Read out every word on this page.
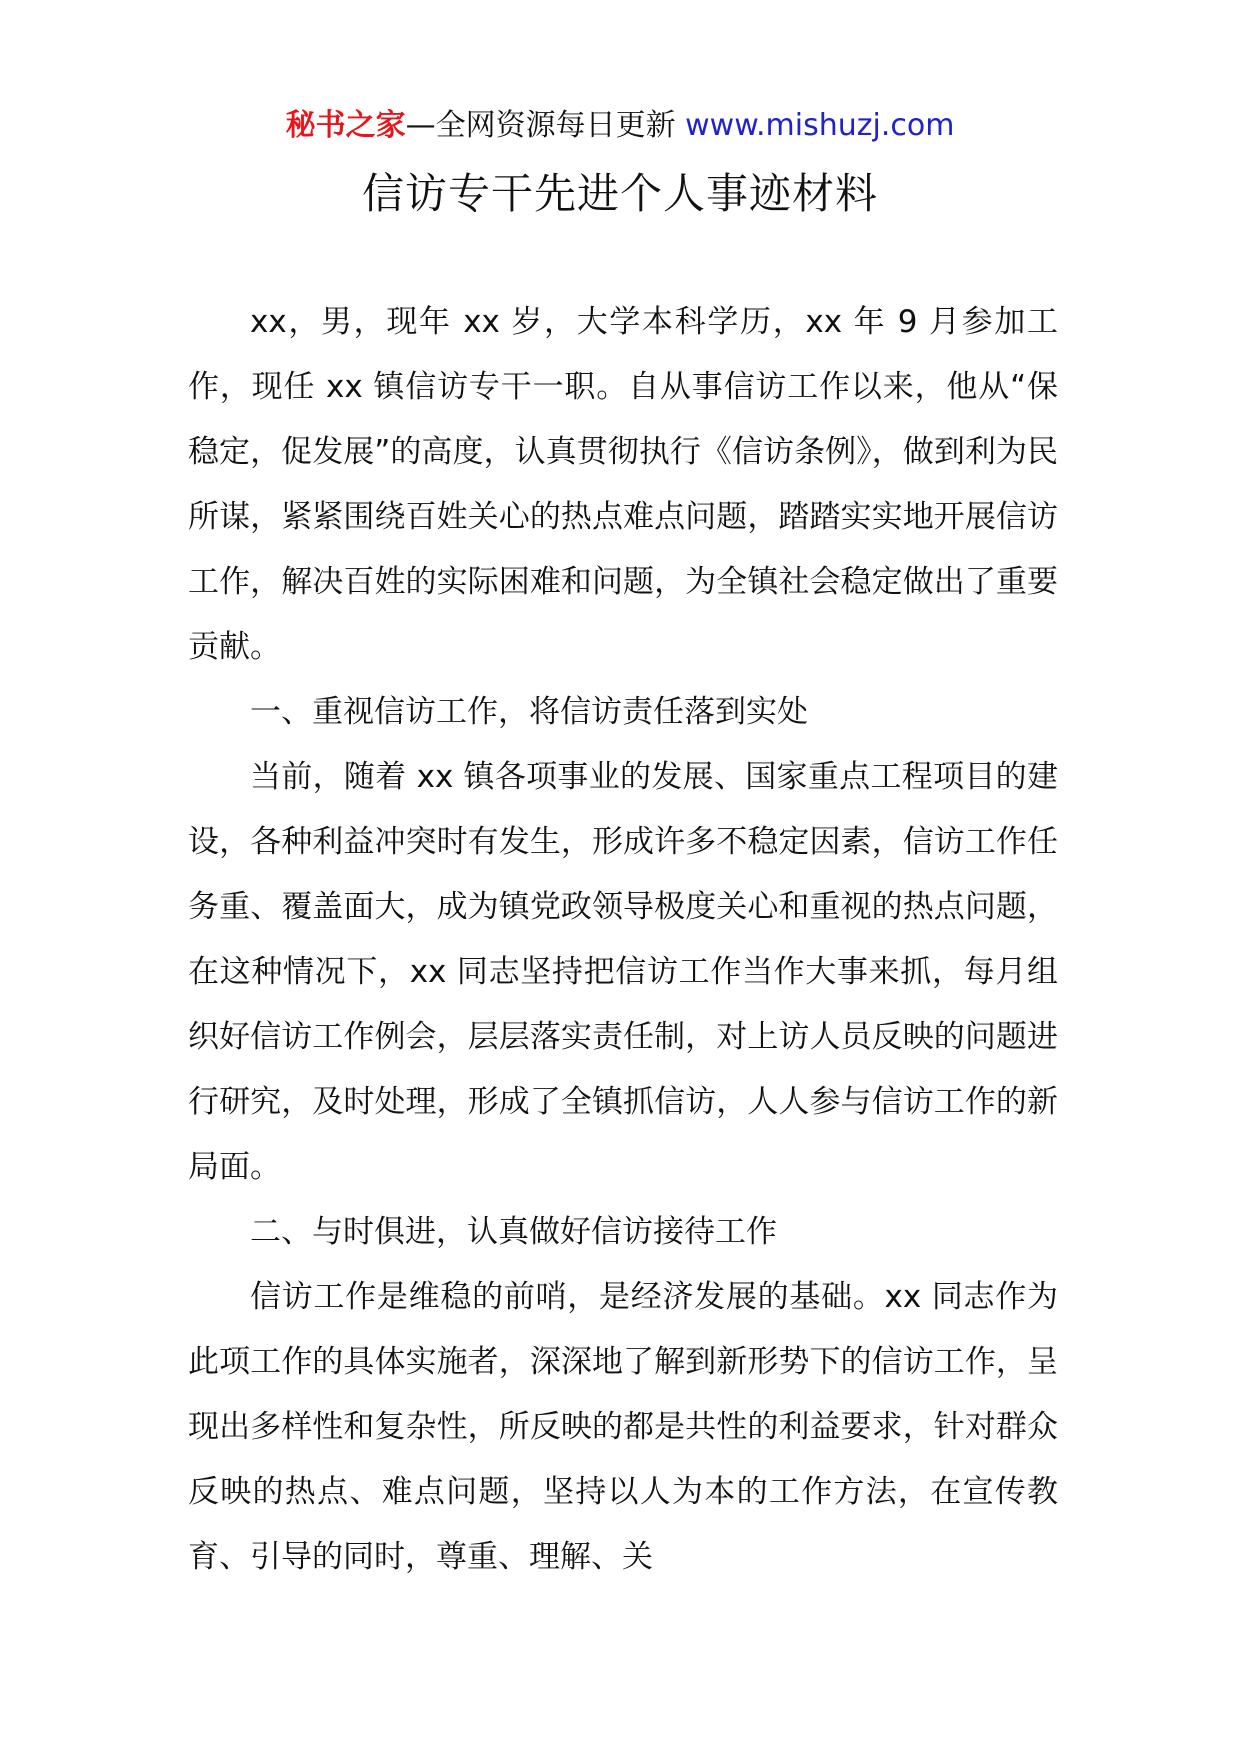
秘书之家—全网资源每日更新 www.mishuzj.com
信访专干先进个人事迹材料

xx，男，现年 xx 岁，大学本科学历，xx 年 9 月参加工作，现任 xx 镇信访专干一职。自从事信访工作以来，他从“保稳定，促发展”的高度，认真贯彻执行《信访条例》，做到利为民所谋，紧紧围绕百姓关心的热点难点问题，踏踏实实地开展信访工作，解决百姓的实际困难和问题，为全镇社会稳定做出了重要贡献。

一、重视信访工作，将信访责任落到实处

当前，随着 xx 镇各项事业的发展、国家重点工程项目的建设，各种利益冲突时有发生，形成许多不稳定因素，信访工作任务重、覆盖面大，成为镇党政领导极度关心和重视的热点问题，在这种情况下，xx 同志坚持把信访工作当作大事来抓，每月组织好信访工作例会，层层落实责任制，对上访人员反映的问题进行研究，及时处理，形成了全镇抓信访，人人参与信访工作的新局面。

二、与时俱进，认真做好信访接待工作

信访工作是维稳的前哨，是经济发展的基础。xx 同志作为此项工作的具体实施者，深深地了解到新形势下的信访工作，呈现出多样性和复杂性，所反映的都是共性的利益要求，针对群众反映的热点、难点问题，坚持以人为本的工作方法，在宣传教育、引导的同时，尊重、理解、关
